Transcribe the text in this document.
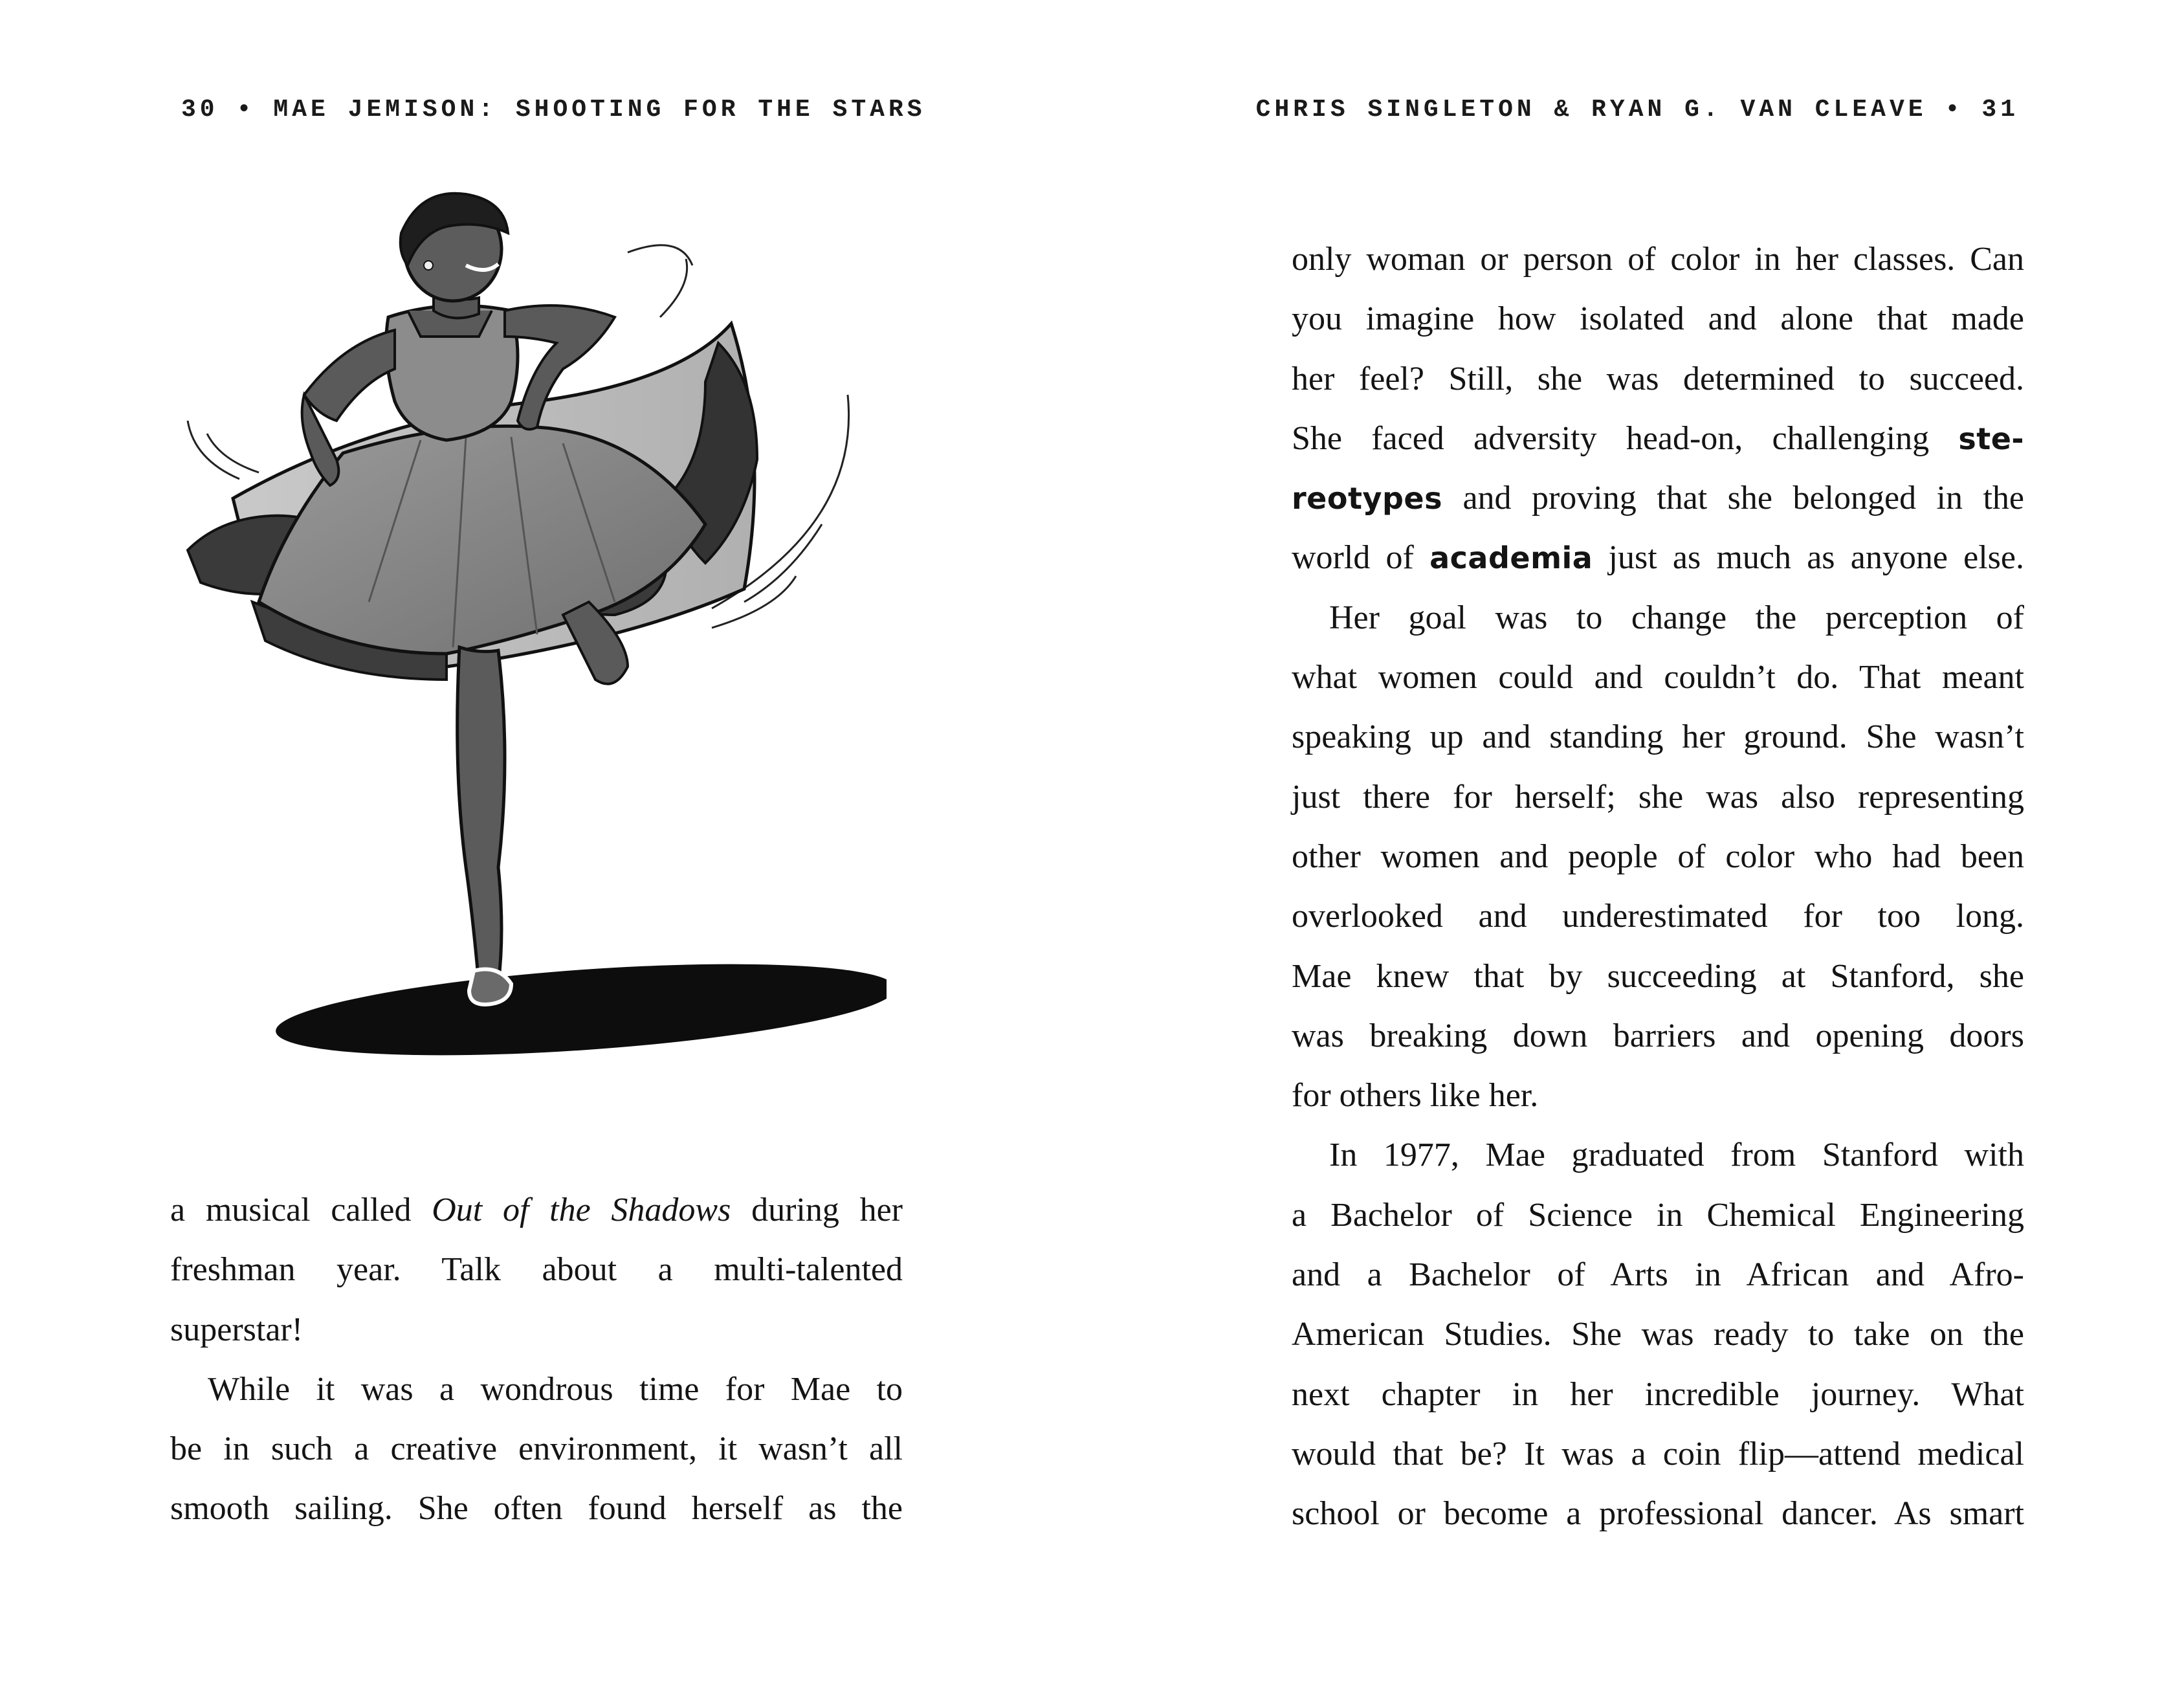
30 • MAE JEMISON: SHOOTING FOR THE STARS	CHRIS SINGLETON & RYAN G. VAN CLEAVE • 31
a musical called Out of the Shadows during her
freshman year. Talk about a multi-talented
superstar!
While it was a wondrous time for Mae to
be in such a creative environment, it wasn’t all
smooth sailing. She often found herself as the
only woman or person of color in her classes. Can
you imagine how isolated and alone that made
her feel? Still, she was determined to succeed.
She faced adversity head-on, challenging ste-
reotypes and proving that she belonged in the
world of academia just as much as anyone else.
Her goal was to change the perception of
what women could and couldn’t do. That meant
speaking up and standing her ground. She wasn’t
just there for herself; she was also representing
other women and people of color who had been
overlooked and underestimated for too long.
Mae knew that by succeeding at Stanford, she
was breaking down barriers and opening doors
for others like her.
In 1977, Mae graduated from Stanford with
a Bachelor of Science in Chemical Engineering
and a Bachelor of Arts in African and Afro-
American Studies. She was ready to take on the
next chapter in her incredible journey. What
would that be? It was a coin flip—attend medical
school or become a professional dancer. As smart
